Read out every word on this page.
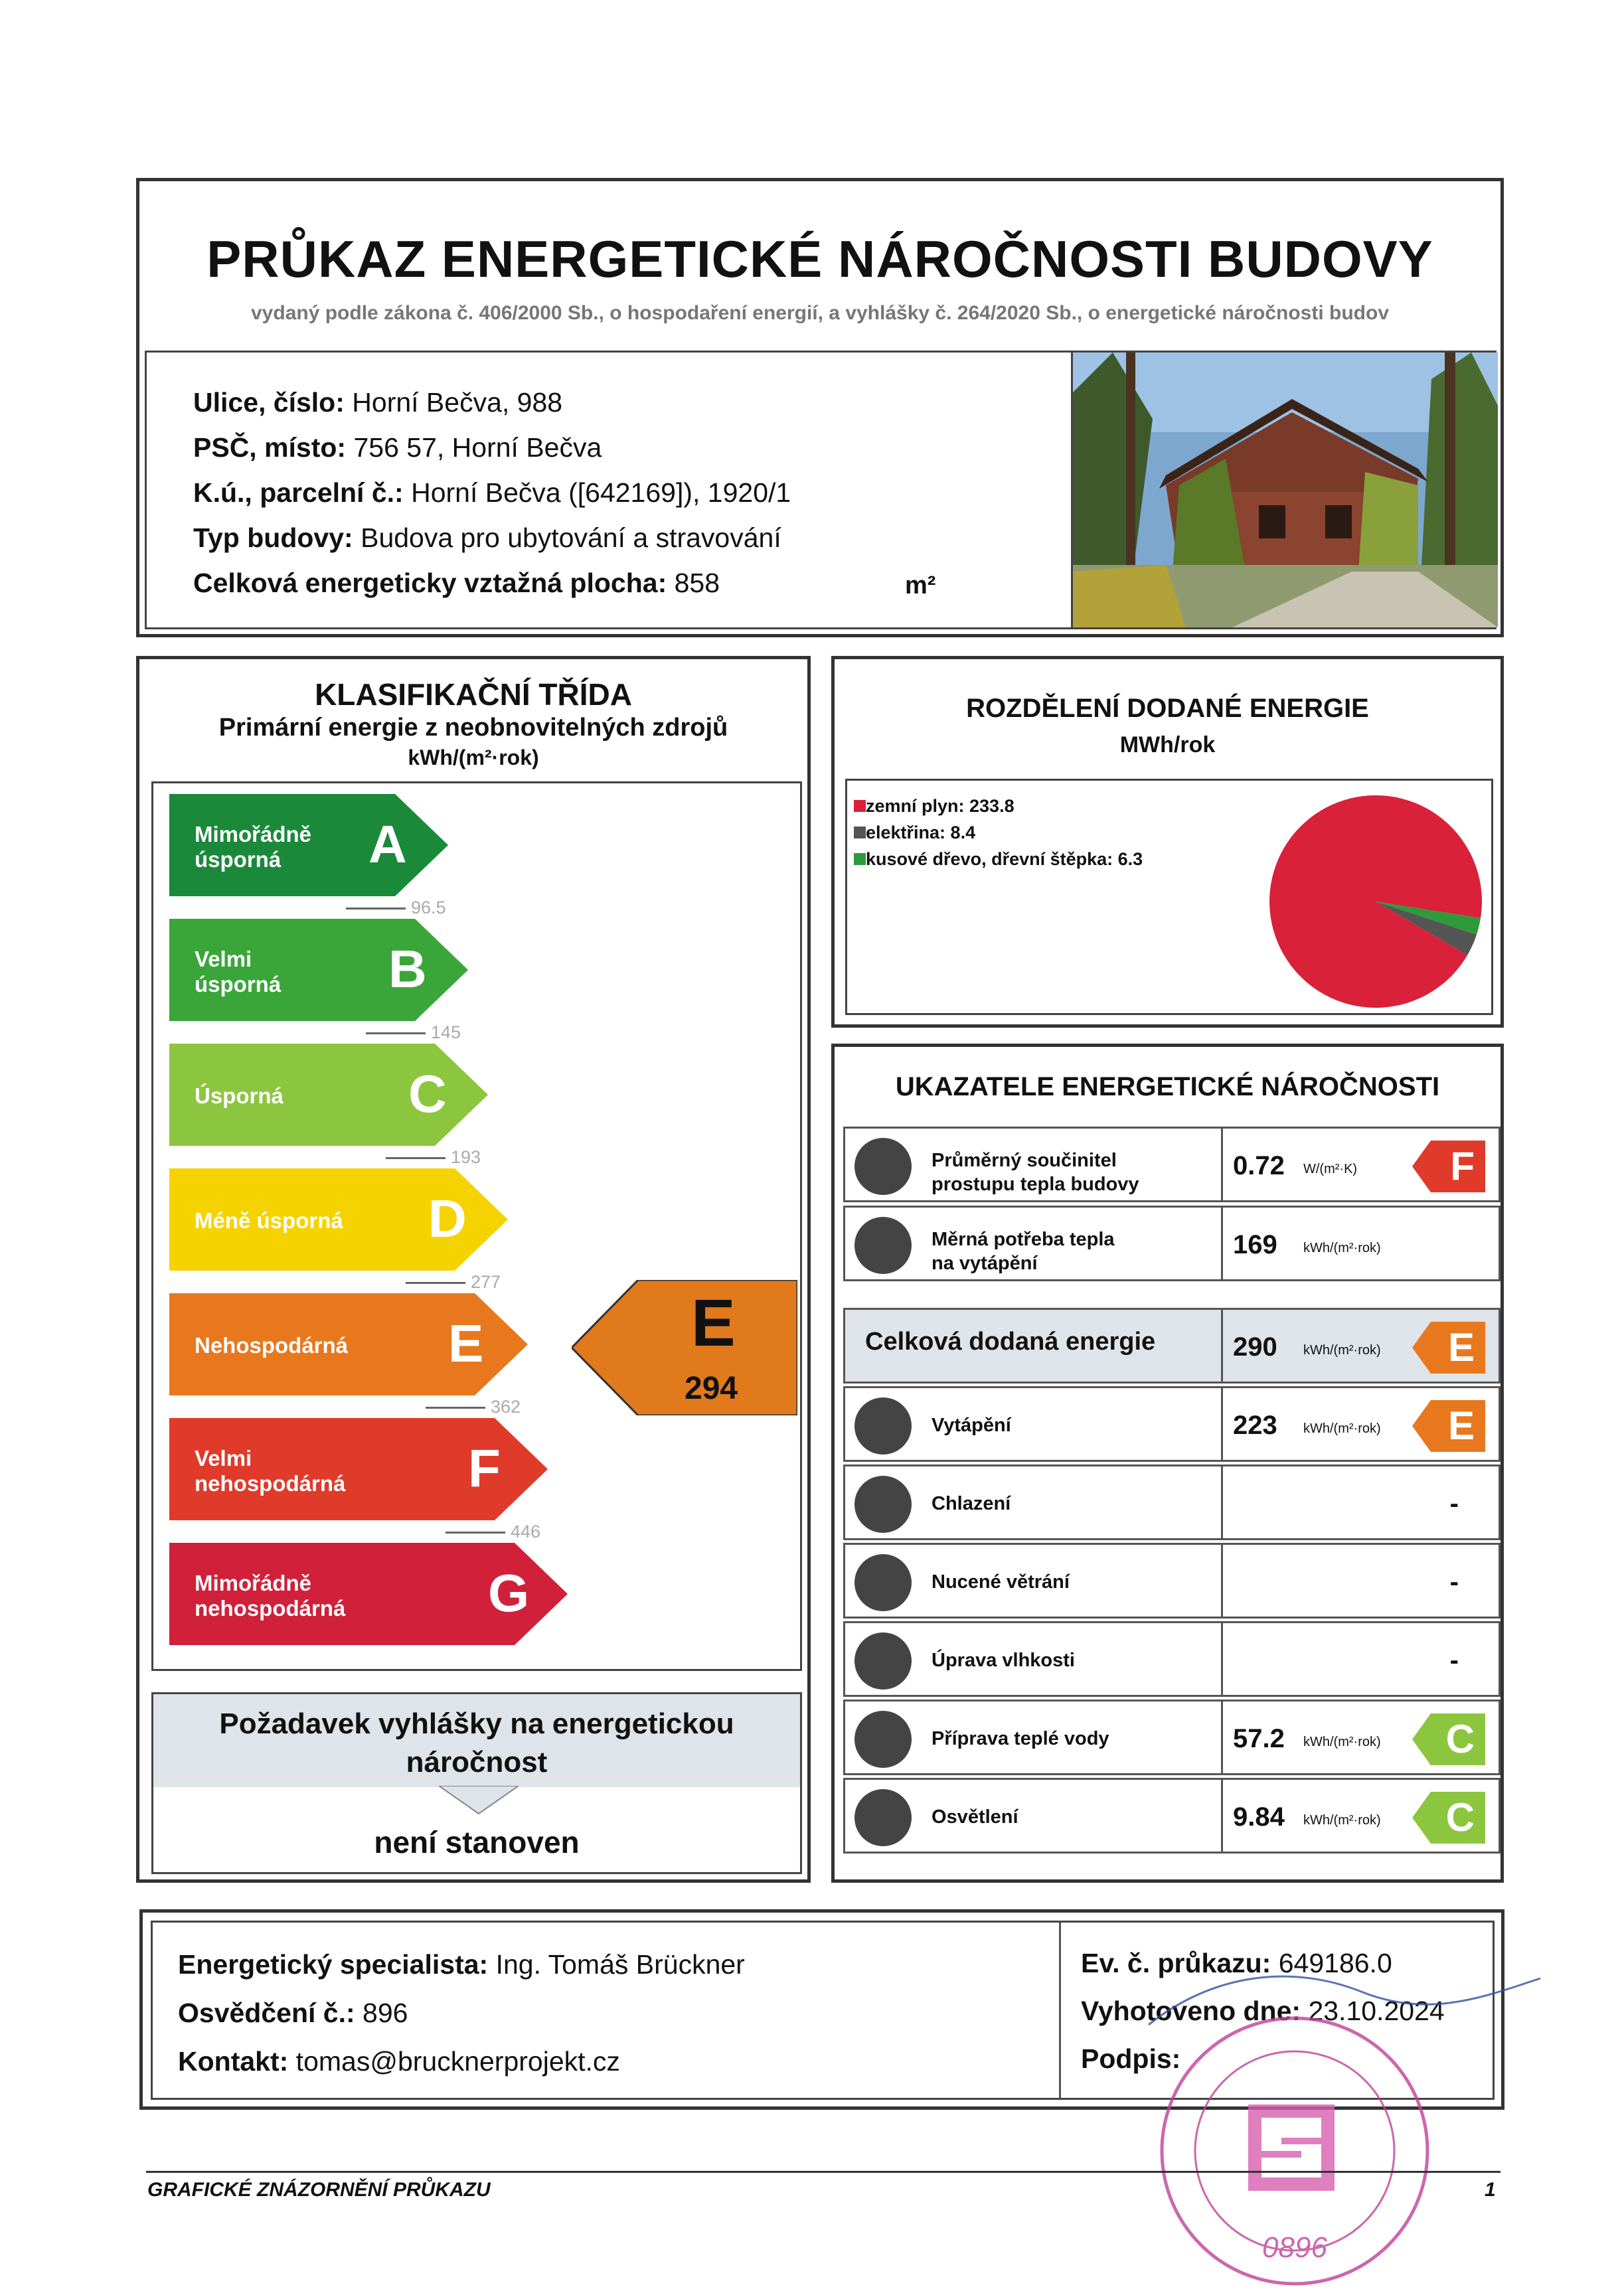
PRŮKAZ ENERGETICKÉ NÁROČNOSTI BUDOVY
vydaný podle zákona č. 406/2000 Sb., o hospodaření energií, a vyhlášky č. 264/2020 Sb., o energetické náročnosti budov
Ulice, číslo: Horní Bečva, 988
PSČ, místo: 756 57, Horní Bečva
K.ú., parcelní č.: Horní Bečva ([642169]), 1920/1
Typ budovy: Budova pro ubytování a stravování
Celková energeticky vztažná plocha: 858	m²
KLASIFIKAČNÍ TŘÍDA
Primární energie z neobnovitelných zdrojů
kWh/(m²·rok)
Mimořádně
úsporná	A
96.5
Velmi
úsporná B
145
Úsporná C
193
Méně úsporná D
277
Nehospodárná E
362
Velmi
nehospodárná F
446
Mimořádně
nehospodárná	G
E
294
Požadavek vyhlášky na energetickou náročnost
není stanoven
ROZDĚLENÍ DODANÉ ENERGIE
MWh/rok
zemní plyn: 233.8
elektřina: 8.4
kusové dřevo, dřevní štěpka: 6.3
UKAZATELE ENERGETICKÉ NÁROČNOSTI
Průměrný součinitel
prostupu tepla budovy
0.72 W/(m²·K) F
Měrná potřeba tepla
na vytápění
169 kWh/(m²·rok)
Celková dodaná energie	290 kWh/(m²·rok) E
Vytápění	223 kWh/(m²·rok) E
Chlazení	-
Nucené větrání	-
Úprava vlhkosti	-
Příprava teplé vody	57.2 kWh/(m²·rok) C
Osvětlení	9.84 kWh/(m²·rok) C
Energetický specialista: Ing. Tomáš Brückner
Osvědčení č.: 896
Kontakt: tomas@brucknerprojekt.cz
Ev. č. průkazu: 649186.0
Vyhotoveno dne: 23.10.2024
Podpis:
0896
GRAFICKÉ ZNÁZORNĚNÍ PRŮKAZU	1
